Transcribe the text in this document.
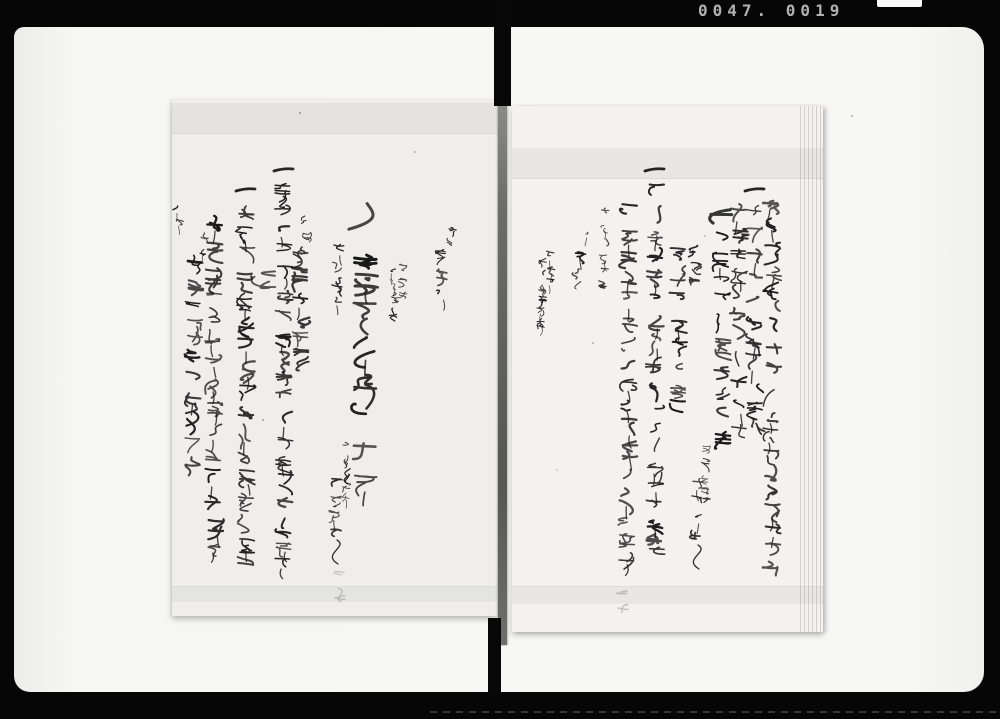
0047. 0019
